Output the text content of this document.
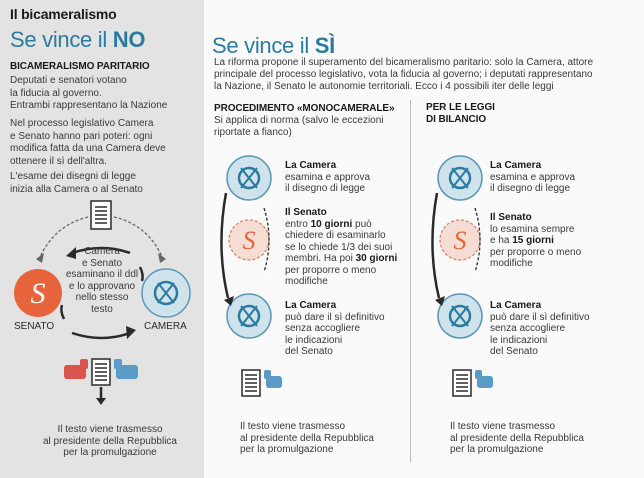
Il bicameralismo
Se vince il NO
BICAMERALISMO PARITARIO
Deputati e senatori votano
la fiducia al governo.
Entrambi rappresentano la Nazione
Nel processo legislativo Camera
e Senato hanno pari poteri: ogni
modifica fatta da una Camera deve
ottenere il sì dell'altra.
L'esame dei disegni di legge
inizia alla Camera o al Senato
S
Camera
e Senato
esaminano il ddl
e lo approvano
nello stesso
testo
SENATO	CAMERA
Il testo viene trasmesso
al presidente della Repubblica
per la promulgazione
Se vince il SÌ
La riforma propone il superamento del bicameralismo paritario: solo la Camera, attore
principale del processo legislativo, vota la fiducia al governo; i deputati rappresentano
la Nazione, il Senato le autonomie territoriali. Ecco i 4 possibili iter delle leggi
PROCEDIMENTO «MONOCAMERALE»
Si applica di norma (salvo le eccezioni
riportate a fianco)
S
La Camera
esamina e approva
il disegno di legge
Il Senato
entro 10 giorni può
chiedere di esaminarlo
se lo chiede 1/3 dei suoi
membri. Ha poi 30 giorni
per proporre o meno
modifiche
La Camera
può dare il sì definitivo
senza accogliere
le indicazioni
del Senato
Il testo viene trasmesso
al presidente della Repubblica
per la promulgazione
PER LE LEGGI
DI BILANCIO
S
La Camera
esamina e approva
il disegno di legge
Il Senato
lo esamina sempre
e ha 15 giorni
per proporre o meno
modifiche
La Camera
può dare il sì definitivo
senza accogliere
le indicazioni
del Senato
Il testo viene trasmesso
al presidente della Repubblica
per la promulgazione
